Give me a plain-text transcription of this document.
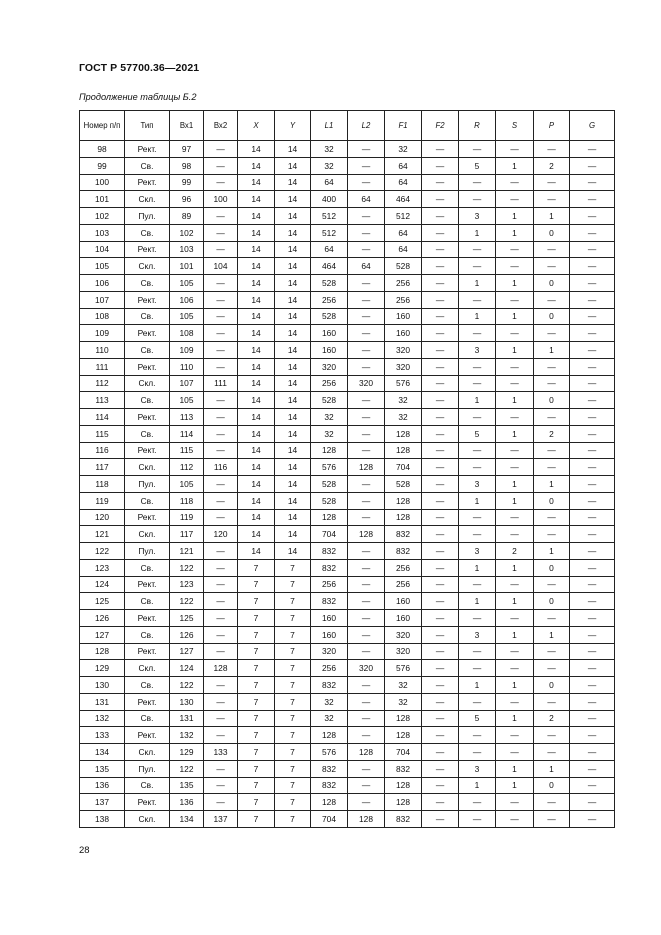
ГОСТ Р 57700.36—2021
Продолжение таблицы Б.2
Номер п/п	Тип	Вх1	Вх2	X	Y	L1	L2	F1	F2	R	S	P	G
98	Рект.	97	—	14	14	32	—	32	—	—	—	—	—
99	Св.	98	—	14	14	32	—	64	—	5	1	2	—
100	Рект.	99	—	14	14	64	—	64	—	—	—	—	—
101	Скл.	96	100	14	14	400	64	464	—	—	—	—	—
102	Пул.	89	—	14	14	512	—	512	—	3	1	1	—
103	Св.	102	—	14	14	512	—	64	—	1	1	0	—
104	Рект.	103	—	14	14	64	—	64	—	—	—	—	—
105	Скл.	101	104	14	14	464	64	528	—	—	—	—	—
106	Св.	105	—	14	14	528	—	256	—	1	1	0	—
107	Рект.	106	—	14	14	256	—	256	—	—	—	—	—
108	Св.	105	—	14	14	528	—	160	—	1	1	0	—
109	Рект.	108	—	14	14	160	—	160	—	—	—	—	—
110	Св.	109	—	14	14	160	—	320	—	3	1	1	—
111	Рект.	110	—	14	14	320	—	320	—	—	—	—	—
112	Скл.	107	111	14	14	256	320	576	—	—	—	—	—
113	Св.	105	—	14	14	528	—	32	—	1	1	0	—
114	Рект.	113	—	14	14	32	—	32	—	—	—	—	—
115	Св.	114	—	14	14	32	—	128	—	5	1	2	—
116	Рект.	115	—	14	14	128	—	128	—	—	—	—	—
117	Скл.	112	116	14	14	576	128	704	—	—	—	—	—
118	Пул.	105	—	14	14	528	—	528	—	3	1	1	—
119	Св.	118	—	14	14	528	—	128	—	1	1	0	—
120	Рект.	119	—	14	14	128	—	128	—	—	—	—	—
121	Скл.	117	120	14	14	704	128	832	—	—	—	—	—
122	Пул.	121	—	14	14	832	—	832	—	3	2	1	—
123	Св.	122	—	7	7	832	—	256	—	1	1	0	—
124	Рект.	123	—	7	7	256	—	256	—	—	—	—	—
125	Св.	122	—	7	7	832	—	160	—	1	1	0	—
126	Рект.	125	—	7	7	160	—	160	—	—	—	—	—
127	Св.	126	—	7	7	160	—	320	—	3	1	1	—
128	Рект.	127	—	7	7	320	—	320	—	—	—	—	—
129	Скл.	124	128	7	7	256	320	576	—	—	—	—	—
130	Св.	122	—	7	7	832	—	32	—	1	1	0	—
131	Рект.	130	—	7	7	32	—	32	—	—	—	—	—
132	Св.	131	—	7	7	32	—	128	—	5	1	2	—
133	Рект.	132	—	7	7	128	—	128	—	—	—	—	—
134	Скл.	129	133	7	7	576	128	704	—	—	—	—	—
135	Пул.	122	—	7	7	832	—	832	—	3	1	1	—
136	Св.	135	—	7	7	832	—	128	—	1	1	0	—
137	Рект.	136	—	7	7	128	—	128	—	—	—	—	—
138	Скл.	134	137	7	7	704	128	832	—	—	—	—	—
28
